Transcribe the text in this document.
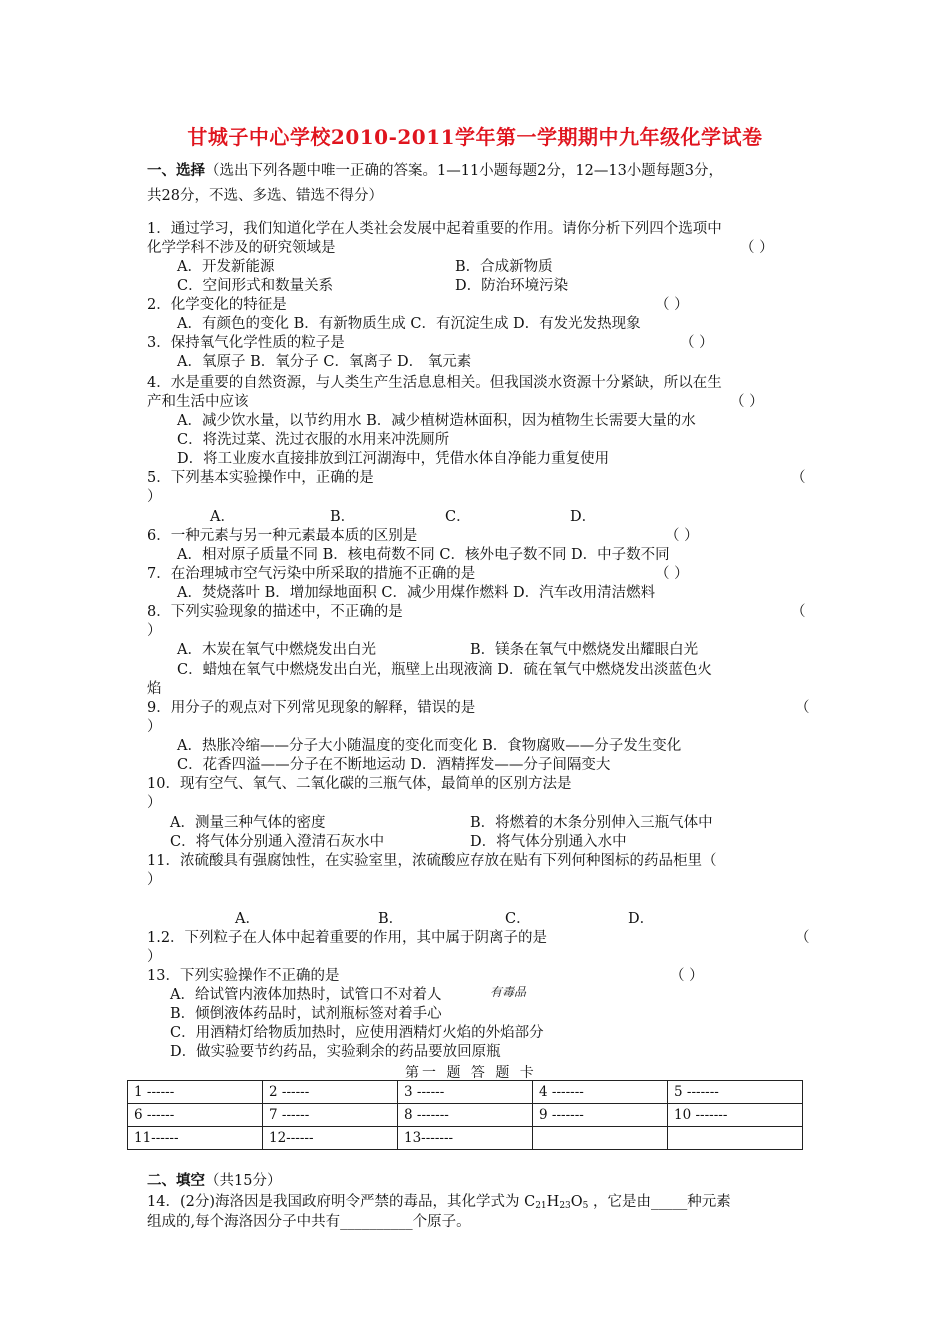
甘城子中心学校2010-2011学年第一学期期中九年级化学试卷
一、选择（选出下列各题中唯一正确的答案。1—11小题每题2分，12—13小题每题3分，
共28分，不选、多选、错选不得分）
1．通过学习，我们知道化学在人类社会发展中起着重要的作用。请你分析下列四个选项中
化学学科不涉及的研究领域是	（ ）
A．开发新能源	B．合成新物质
C．空间形式和数量关系	D．防治环境污染
2．化学变化的特征是	（ ）
A．有颜色的变化 B．有新物质生成 C．有沉淀生成 D．有发光发热现象
3．保持氧气化学性质的粒子是	（ ）
A．氧原子 B．氧分子 C．氧离子 D． 氧元素
4．水是重要的自然资源，与人类生产生活息息相关。但我国淡水资源十分紧缺，所以在生
产和生活中应该	（ ）
A．减少饮水量，以节约用水 B．减少植树造林面积，因为植物生长需要大量的水
C．将洗过菜、洗过衣服的水用来冲洗厕所
D．将工业废水直接排放到江河湖海中，凭借水体自净能力重复使用
5．下列基本实验操作中，正确的是	（
）
A．	B．	C．	D．
6．一种元素与另一种元素最本质的区别是	（ ）
A．相对原子质量不同 B．核电荷数不同 C．核外电子数不同 D．中子数不同
7．在治理城市空气污染中所采取的措施不正确的是	（ ）
A．焚烧落叶 B．增加绿地面积 C．减少用煤作燃料 D．汽车改用清洁燃料
8．下列实验现象的描述中，不正确的是	（
）
A．木炭在氧气中燃烧发出白光	B．镁条在氧气中燃烧发出耀眼白光
C．蜡烛在氧气中燃烧发出白光，瓶壁上出现液滴 D．硫在氧气中燃烧发出淡蓝色火
焰
9．用分子的观点对下列常见现象的解释，错误的是	（
）
A．热胀冷缩——分子大小随温度的变化而变化 B．食物腐败——分子发生变化
C．花香四溢——分子在不断地运动 D．酒精挥发——分子间隔变大
10．现有空气、氧气、二氧化碳的三瓶气体，最简单的区别方法是
）
A．测量三种气体的密度	B．将燃着的木条分别伸入三瓶气体中
C．将气体分别通入澄清石灰水中	D．将气体分别通入水中
11．浓硫酸具有强腐蚀性，在实验室里，浓硫酸应存放在贴有下列何种图标的药品柜里（
）
A．	B．	C．	D．
1.2．下列粒子在人体中起着重要的作用，其中属于阴离子的是	（
）
13．下列实验操作不正确的是	（ ）
A．给试管内液体加热时，试管口不对着人	有毒品
B．倾倒液体药品时，试剂瓶标签对着手心
C．用酒精灯给物质加热时，应使用酒精灯火焰的外焰部分
D．做实验要节约药品，实验剩余的药品要放回原瓶
第一 题 答 题 卡
1 ------	2 ------	3 ------	4 -------	5 -------
6 ------	7 ------	8 -------	9 -------	10 -------
11------	12------	13-------		
二、填空（共15分）
14．(2分)海洛因是我国政府明令严禁的毒品，其化学式为 $C_{21}H_{23}O_5$ ，它是由_____种元素
组成的,每个海洛因分子中共有__________个原子。
